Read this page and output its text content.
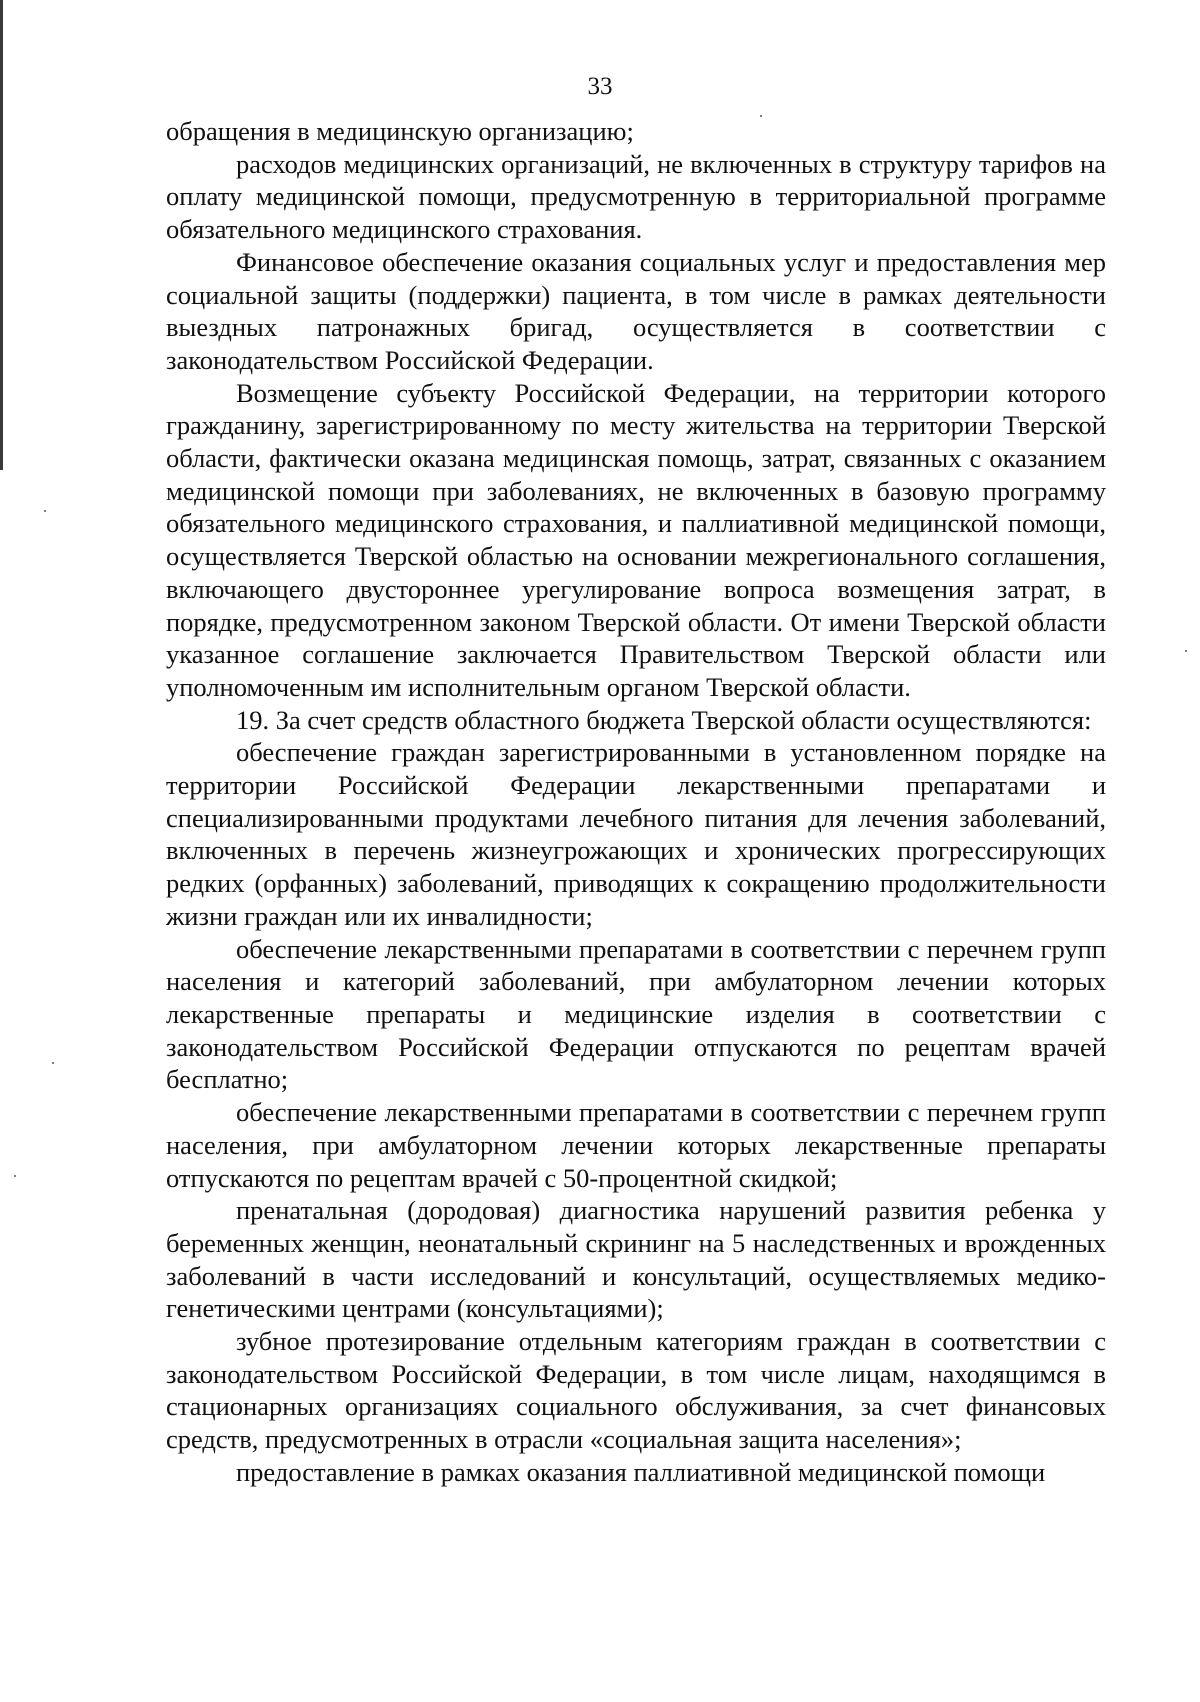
33

обращения в медицинскую организацию;

расходов медицинских организаций, не включенных в структуру тарифов на оплату медицинской помощи, предусмотренную в территориальной программе обязательного медицинского страхования.

Финансовое обеспечение оказания социальных услуг и предоставления мер социальной защиты (поддержки) пациента, в том числе в рамках деятельности выездных патронажных бригад, осуществляется в соответствии с законодательством Российской Федерации.

Возмещение субъекту Российской Федерации, на территории которого гражданину, зарегистрированному по месту жительства на территории Тверской области, фактически оказана медицинская помощь, затрат, связанных с оказанием медицинской помощи при заболеваниях, не включенных в базовую программу обязательного медицинского страхования, и паллиативной медицинской помощи, осуществляется Тверской областью на основании межрегионального соглашения, включающего двустороннее урегулирование вопроса возмещения затрат, в порядке, предусмотренном законом Тверской области. От имени Тверской области указанное соглашение заключается Правительством Тверской области или уполномоченным им исполнительным органом Тверской области.

19. За счет средств областного бюджета Тверской области осуществляются:

обеспечение граждан зарегистрированными в установленном порядке на территории Российской Федерации лекарственными препаратами и специализированными продуктами лечебного питания для лечения заболеваний, включенных в перечень жизнеугрожающих и хронических прогрессирующих редких (орфанных) заболеваний, приводящих к сокращению продолжительности жизни граждан или их инвалидности;

обеспечение лекарственными препаратами в соответствии с перечнем групп населения и категорий заболеваний, при амбулаторном лечении которых лекарственные препараты и медицинские изделия в соответствии с законодательством Российской Федерации отпускаются по рецептам врачей бесплатно;

обеспечение лекарственными препаратами в соответствии с перечнем групп населения, при амбулаторном лечении которых лекарственные препараты отпускаются по рецептам врачей с 50-процентной скидкой;

пренатальная (дородовая) диагностика нарушений развития ребенка у беременных женщин, неонатальный скрининг на 5 наследственных и врожденных заболеваний в части исследований и консультаций, осуществляемых медико-генетическими центрами (консультациями);

зубное протезирование отдельным категориям граждан в соответствии с законодательством Российской Федерации, в том числе лицам, находящимся в стационарных организациях социального обслуживания, за счет финансовых средств, предусмотренных в отрасли «социальная защита населения»;

предоставление в рамках оказания паллиативной медицинской помощи
